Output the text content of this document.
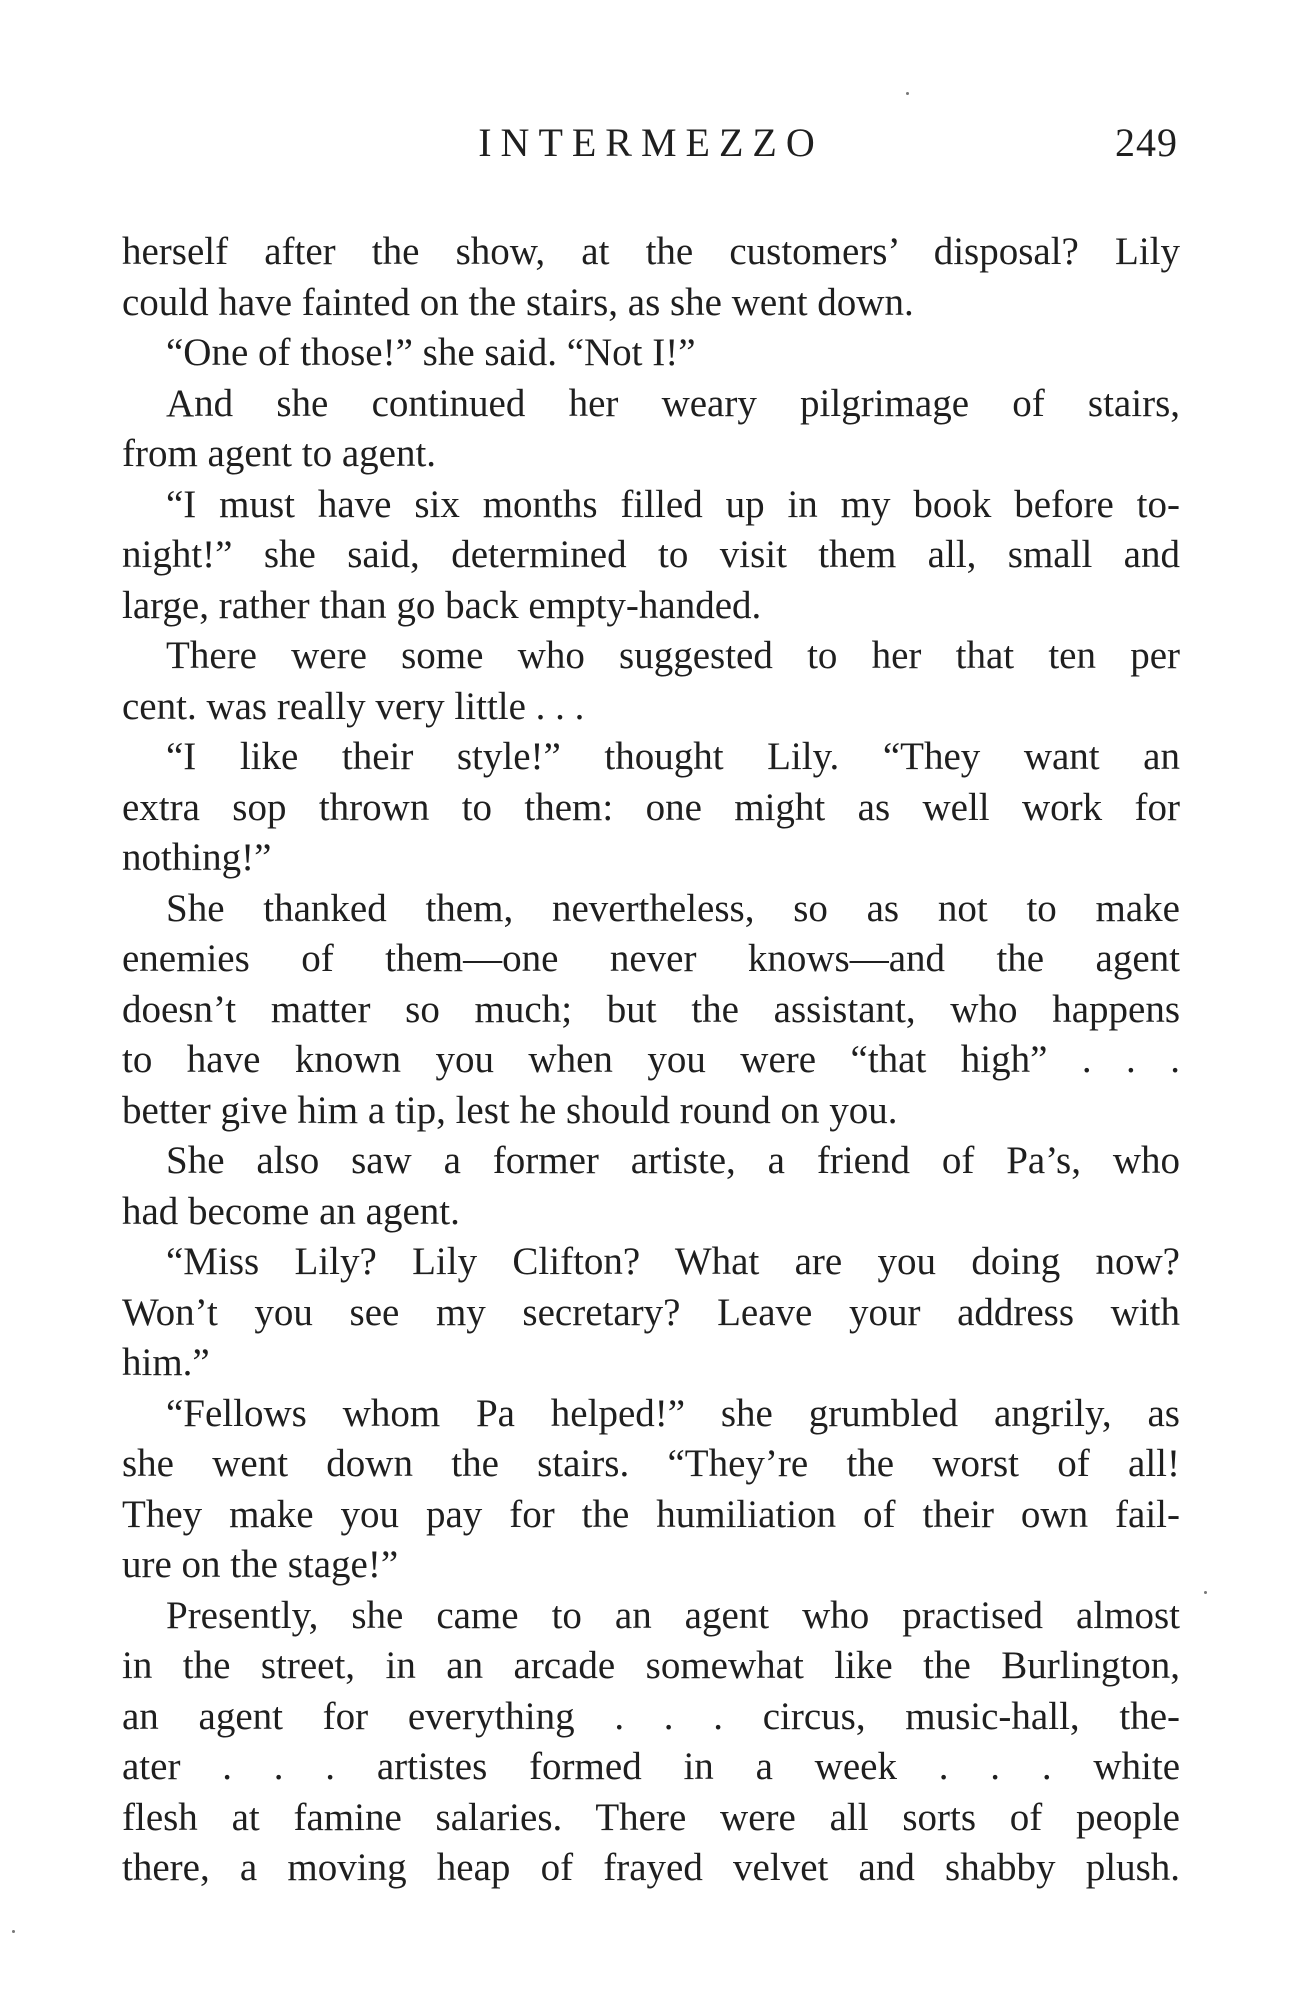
INTERMEZZO	249
herself after the show, at the customers’ disposal? Lily
could have fainted on the stairs, as she went down.
“One of those!” she said. “Not I!”
And she continued her weary pilgrimage of stairs,
from agent to agent.
“I must have six months filled up in my book before to-
night!” she said, determined to visit them all, small and
large, rather than go back empty-handed.
There were some who suggested to her that ten per
cent. was really very little . . .
“I like their style!” thought Lily. “They want an
extra sop thrown to them: one might as well work for
nothing!”
She thanked them, nevertheless, so as not to make
enemies of them—one never knows—and the agent
doesn’t matter so much; but the assistant, who happens
to have known you when you were “that high” . . .
better give him a tip, lest he should round on you.
She also saw a former artiste, a friend of Pa’s, who
had become an agent.
“Miss Lily? Lily Clifton? What are you doing now?
Won’t you see my secretary? Leave your address with
him.”
“Fellows whom Pa helped!” she grumbled angrily, as
she went down the stairs. “They’re the worst of all!
They make you pay for the humiliation of their own fail-
ure on the stage!”
Presently, she came to an agent who practised almost
in the street, in an arcade somewhat like the Burlington,
an agent for everything . . . circus, music-hall, the-
ater . . . artistes formed in a week . . . white
flesh at famine salaries. There were all sorts of people
there, a moving heap of frayed velvet and shabby plush.
